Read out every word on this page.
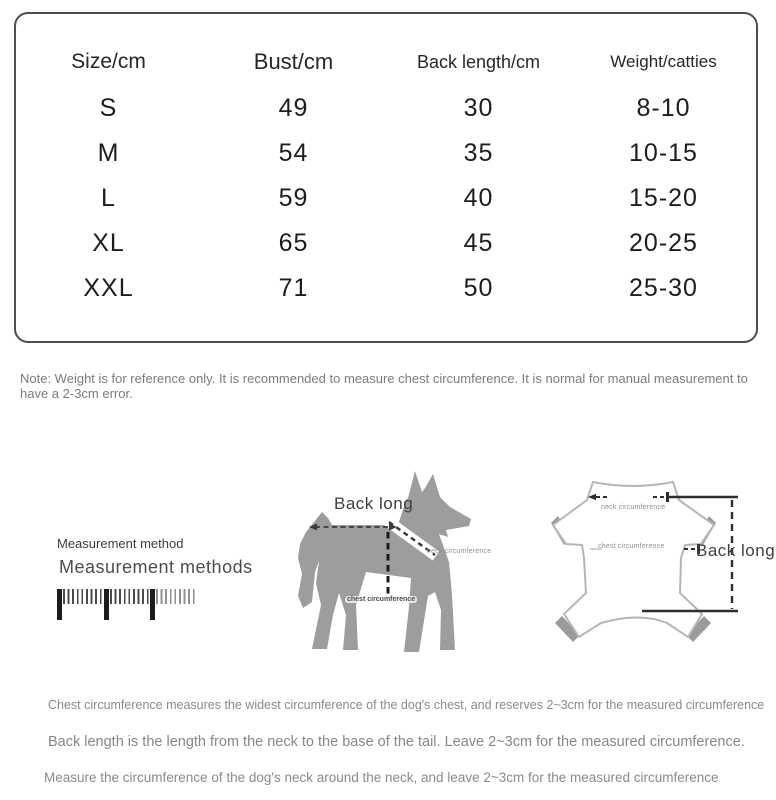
Size/cm	Bust/cm	Back length/cm	Weight/catties
S	49	30	8-10
M	54	35	10-15
L	59	40	15-20
XL	65	45	20-25
XXL	71	50	25-30
Note: Weight is for reference only. It is recommended to measure chest circumference. It is normal for manual measurement to have a 2-3cm error.
Measurement method
Measurement methods
Back long
neck circumference
chest circumference
neck circumference
chest circumference Back long
Chest circumference measures the widest circumference of the dog's chest, and reserves 2~3cm for the measured circumference
Back length is the length from the neck to the base of the tail. Leave 2~3cm for the measured circumference.
Measure the circumference of the dog's neck around the neck, and leave 2~3cm for the measured circumference
